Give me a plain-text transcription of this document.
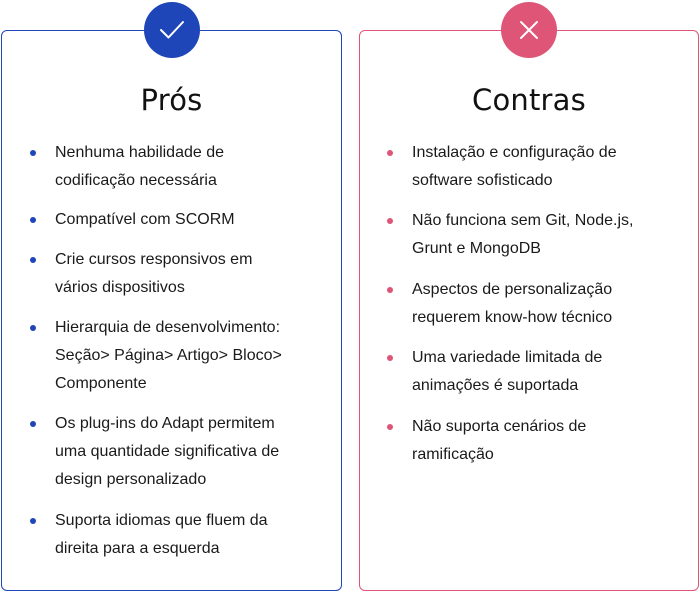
Prós
Nenhuma habilidade de
codificação necessária
Compatível com SCORM
Crie cursos responsivos em
vários dispositivos
Hierarquia de desenvolvimento:
Seção> Página> Artigo> Bloco>
Componente
Os plug-ins do Adapt permitem
uma quantidade significativa de
design personalizado
Suporta idiomas que fluem da
direita para a esquerda
Contras
Instalação e configuração de
software sofisticado
Não funciona sem Git, Node.js,
Grunt e MongoDB
Aspectos de personalização
requerem know-how técnico
Uma variedade limitada de
animações é suportada
Não suporta cenários de
ramificação
